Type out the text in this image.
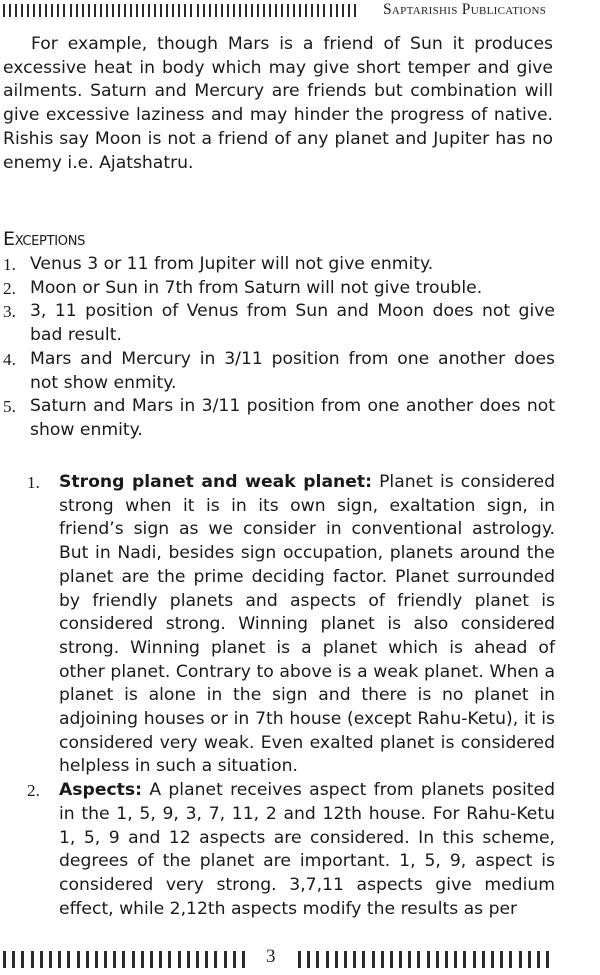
Saptarishis Publications
For example, though Mars is a friend of Sun it produces excessive heat in body which may give short temper and give ailments. Saturn and Mercury are friends but combination will give excessive laziness and may hinder the progress of native. Rishis say Moon is not a friend of any planet and Jupiter has no enemy i.e. Ajatshatru.
Exceptions
1. Venus 3 or 11 from Jupiter will not give enmity.
2. Moon or Sun in 7th from Saturn will not give trouble.
3. 3, 11 position of Venus from Sun and Moon does not give bad result.
4. Mars and Mercury in 3/11 position from one another does not show enmity.
5. Saturn and Mars in 3/11 position from one another does not show enmity.
1.	Strong planet and weak planet: Planet is considered strong when it is in its own sign, exaltation sign, in friend’s sign as we consider in conventional astrology. But in Nadi, besides sign occupation, planets around the planet are the prime deciding factor. Planet surrounded by friendly planets and aspects of friendly planet is considered strong. Winning planet is also considered strong. Winning planet is a planet which is ahead of other planet. Contrary to above is a weak planet. When a planet is alone in the sign and there is no planet in adjoining houses or in 7th house (except Rahu-Ketu), it is considered very weak. Even exalted planet is considered helpless in such a situation.
2.	Aspects: A planet receives aspect from planets posited in the 1, 5, 9, 3, 7, 11, 2 and 12th house. For Rahu-Ketu 1, 5, 9 and 12 aspects are considered. In this scheme, degrees of the planet are important. 1, 5, 9, aspect is considered very strong. 3,7,11 aspects give medium effect, while 2,12th aspects modify the results as per
3
